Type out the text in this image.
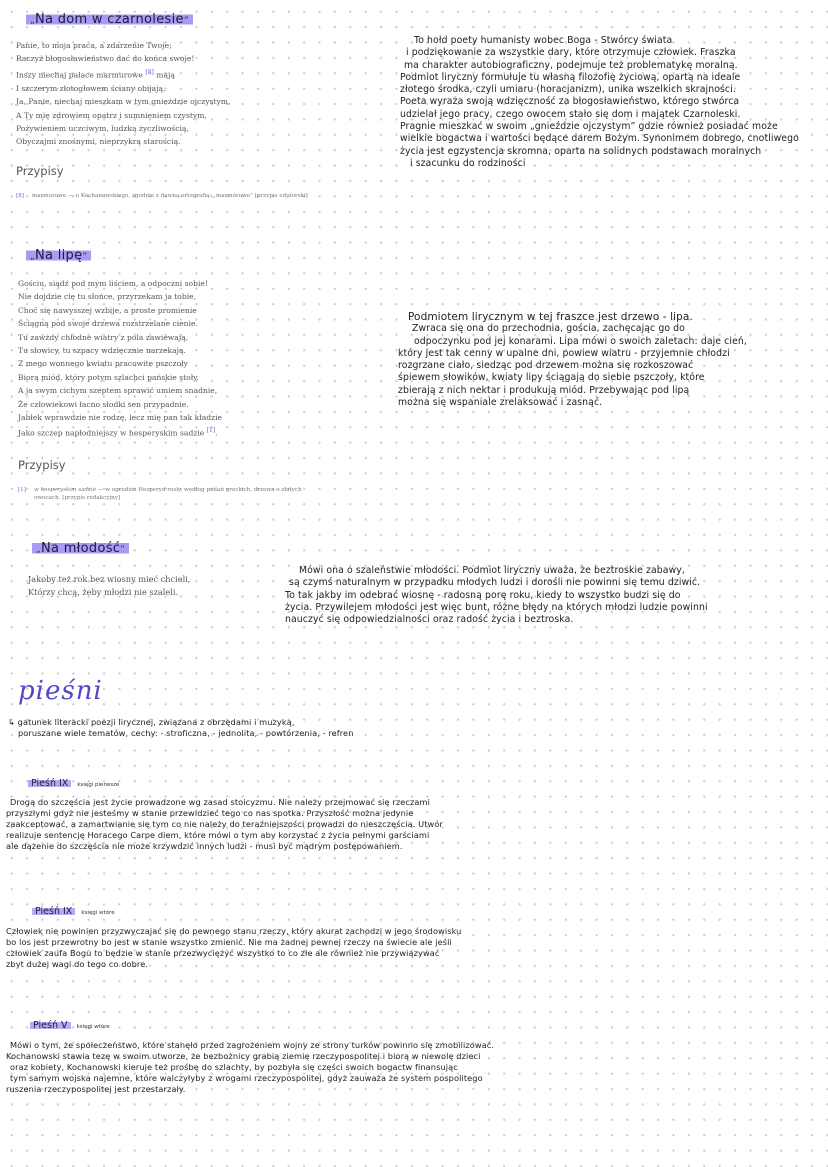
„Na dom w czarnolesie”
Panie, to moja praca, a zdarzenie Twoje;
Raczyż błogosławieństwo dać do końca swoje!
Inszy niechaj pałace marmurowe [8] mają
I szczerym złotogłowem ściany obijają,
Ja, Panie, niechaj mieszkam w tym gnieździe ojczystym,
A Ty mię zdrowiem opatrz i sumnieniem czystym,
Pożywieniem uczciwym, ludzką życzliwością,
Obyczajmi znośnymi, nieprzykrą starością.
Przypisy
[8] marmurowe — u Kochanowskiego, zgodnie z dawną ortografią: „marmórowe” [przypis edytorski]
To hołd poety humanisty wobec Boga - Stwórcy świata
i podziękowanie za wszystkie dary, które otrzymuje człowiek. Fraszka
ma charakter autobiograficzny, podejmuje też problematykę moralną.
Podmiot liryczny formułuje tu własną filozofię życiową, opartą na ideale
złotego środka, czyli umiaru (horacjanizm), unika wszelkich skrajności.
Poeta wyraża swoją wdzięczność za błogosławieństwo, którego stwórca
udzielał jego pracy, czego owocem stało się dom i majątek Czarnoleski.
Pragnie mieszkać w swoim „gnieździe ojczystym” gdzie również posiadać może
wielkie bogactwa i wartości będące darem Bożym. Synonimem dobrego, cnotliwego
życia jest egzystencja skromna, oparta na solidnych podstawach moralnych
i szacunku do rodziności
„Na lipę”
Gościu, siądź pod mym liściem, a odpoczni sobie!
Nie dojdzie cię tu słońce, przyrzekam ja tobie,
Choć się nawysszej wzbije, a proste promienie
Ściągną pod swoje drzewa rozstrzelane cienie.
Tu zawżdy chłodne wiatry z pola zawiewają,
Tu słowicy, tu szpacy wdzięcznie narzekają.
Z mego wonnego kwiatu pracowite pszczoły
Biorą miód, który potym szlachci pańskie stoły.
A ja swym cichym szeptem sprawić umiem snadnie,
Że człowiekowi łacno słodki sen przypadnie.
Jabłek wprawdzie nie rodzę, lecz mię pan tak kładzie
Jako szczep napłodniejszy w hesperyskim sadzie [1].
Przypisy
[1] w hesperyskim sadzie — w ogrodzie Hesperyd rosły, według podań greckich, drzewa o złotych
owocach. [przypis redakcyjny]
Podmiotem lirycznym w tej fraszce jest drzewo - lipa.
Zwraca się ona do przechodnia, gościa, zachęcając go do
odpoczynku pod jej konarami. Lipa mówi o swoich zaletach: daje cień,
który jest tak cenny w upalne dni, powiew wiatru - przyjemnie chłodzi
rozgrzane ciało, siedząc pod drzewem można się rozkoszować
śpiewem słowików, kwiaty lipy ściągają do siebie pszczoły, które
zbierają z nich nektar i produkują miód. Przebywając pod lipą
można się wspaniale zrelaksować i zasnąć.
„Na młodość”
Jakoby też rok bez wiosny mieć chcieli,
Którzy chcą, żeby młodzi nie szaleli.
Mówi ona o szaleństwie młodości. Podmiot liryczny uważa, że beztroskie zabawy,
są czymś naturalnym w przypadku młodych ludzi i dorośli nie powinni się temu dziwić.
To tak jakby im odebrać wiosnę - radosną porę roku, kiedy to wszystko budzi się do
życia. Przywilejem młodości jest więc bunt, różne błędy na których młodzi ludzie powinni
nauczyć się odpowiedzialności oraz radość życia i beztroska.
pieśni
↳ gatunek literacki poezji lirycznej, związana z obrzędami i muzyką,
poruszane wiele tematów, cechy: - stroficzna, - jednolita, - powtórzenia, - refren
Pieśń IX księgi pierwsze
Drogą do szczęścia jest życie prowadzone wg zasad stoicyzmu. Nie należy przejmować się rzeczami
przyszłymi gdyż nie jesteśmy w stanie przewidzieć tego co nas spotka. Przyszłość można jedynie
zaakceptować, a zamartwianie się tym co nie należy do teraźniejszości prowadzi do nieszczęścia. Utwór
realizuje sentencję Horacego Carpe diem, które mówi o tym aby korzystać z życia pełnymi garściami
ale dążenie do szczęścia nie może krzywdzić innych ludzi - musi być mądrym postępowaniem.
Pieśń IX księgi wtóre
Człowiek nie powinien przyzwyczajać się do pewnego stanu rzeczy, który akurat zachodzi w jego środowisku
bo los jest przewrotny bo jest w stanie wszystko zmienić. Nie ma żadnej pewnej rzeczy na świecie ale jeśli
człowiek zaufa Bogu to będzie w stanie przezwyciężyć wszystko to co złe ale również nie przywiązywać
zbyt dużej wagi do tego co dobre.
Pieśń V księgi wtóre
Mówi o tym, że społeczeństwo, które stanęło przed zagrożeniem wojny ze strony turków powinno się zmobilizować.
Kochanowski stawia tezę w swoim utworze, że bezbożnicy grabią ziemię rzeczypospolitej i biorą w niewolę dzieci
oraz kobiety, Kochanowski kieruje też prośbę do szlachty, by pozbyła się części swoich bogactw finansując
tym samym wojska najemne, które walczyłyby z wrogami rzeczypospolitej, gdyż zauważa że system pospolitego
ruszenia rzeczypospolitej jest przestarzały.
